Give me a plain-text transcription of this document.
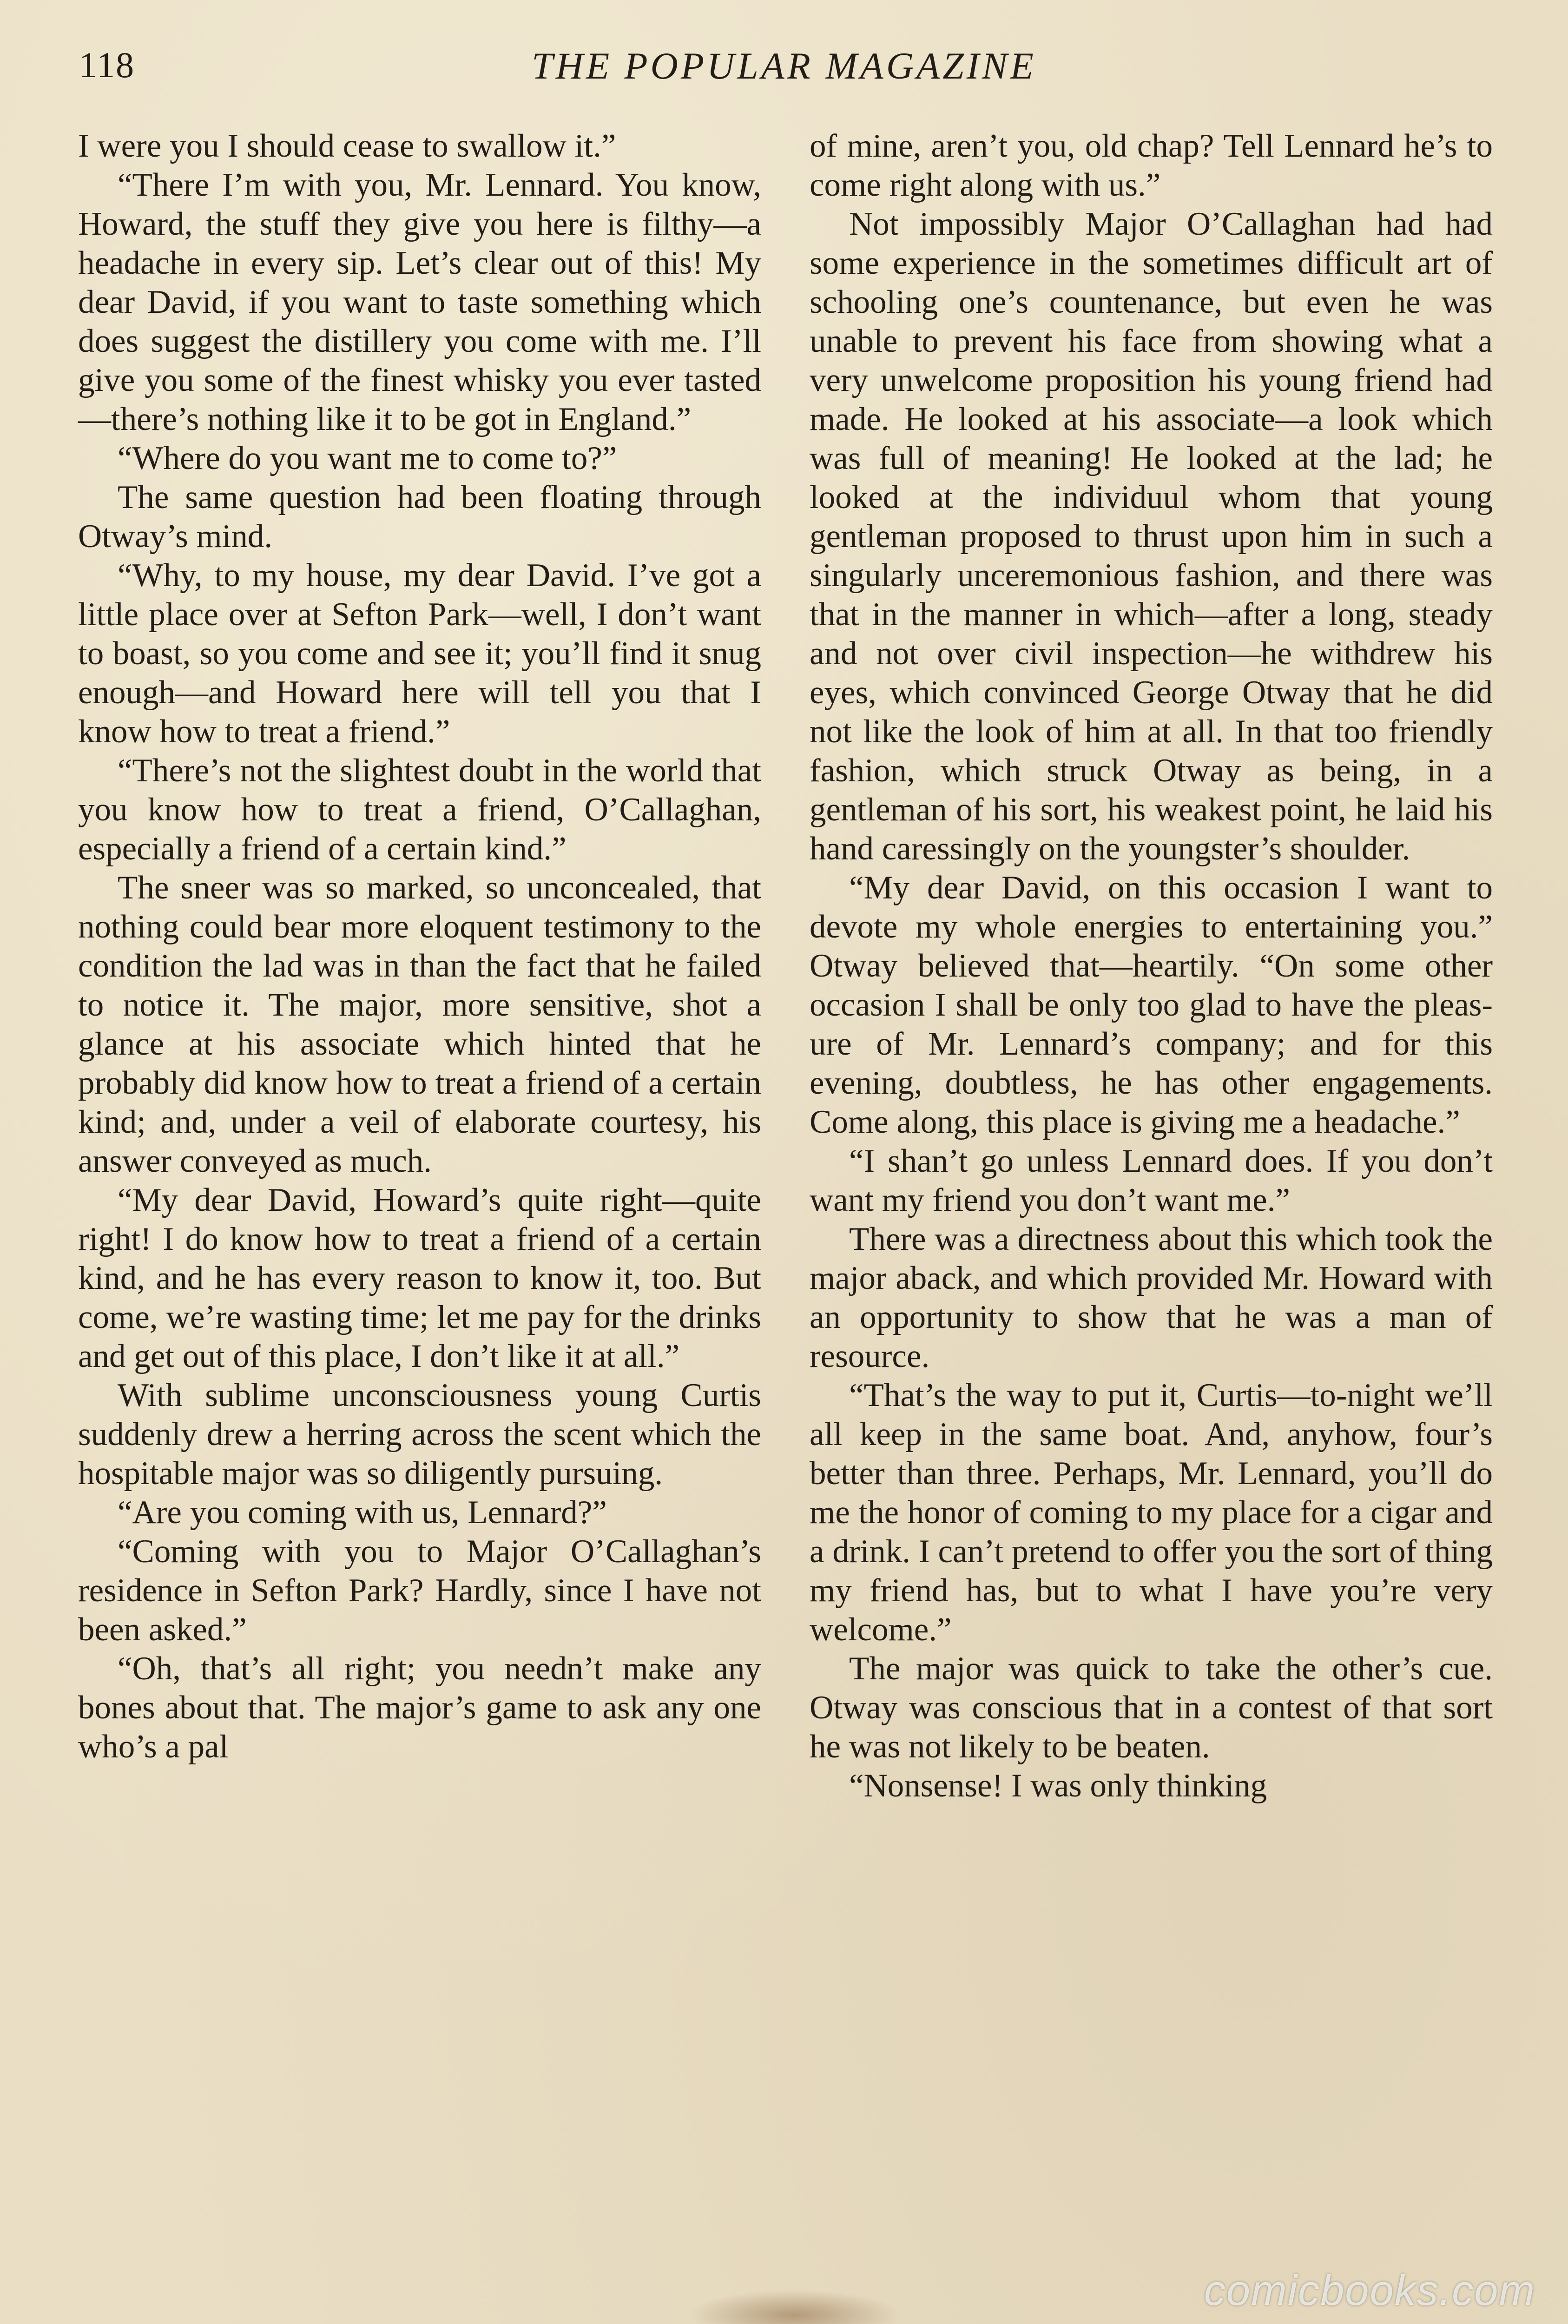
118	THE POPULAR MAGAZINE

I were you I should cease to swallow it.”

“There I’m with you, Mr. Lennard. You know, Howard, the stuff they give you here is filthy—a headache in every sip. Let’s clear out of this! My dear David, if you want to taste something which does suggest the distillery you come with me. I’ll give you some of the finest whisky you ever tasted—there’s nothing like it to be got in England.”

“Where do you want me to come to?”

The same question had been floating through Otway’s mind.

“Why, to my house, my dear David. I’ve got a little place over at Sefton Park—well, I don’t want to boast, so you come and see it; you’ll find it snug enough—and Howard here will tell you that I know how to treat a friend.”

“There’s not the slightest doubt in the world that you know how to treat a friend, O’Callaghan, especially a friend of a certain kind.”

The sneer was so marked, so unconcealed, that nothing could bear more eloquent testimony to the condition the lad was in than the fact that he failed to notice it. The major, more sensitive, shot a glance at his associate which hinted that he probably did know how to treat a friend of a certain kind; and, under a veil of elaborate courtesy, his answer conveyed as much.

“My dear David, Howard’s quite right—quite right! I do know how to treat a friend of a certain kind, and he has every reason to know it, too. But come, we’re wasting time; let me pay for the drinks and get out of this place, I don’t like it at all.”

With sublime unconsciousness young Curtis suddenly drew a herring across the scent which the hospitable major was so diligently pursuing.

“Are you coming with us, Lennard?”

“Coming with you to Major O’Callaghan’s residence in Sefton Park? Hardly, since I have not been asked.”

“Oh, that’s all right; you needn’t make any bones about that. The major’s game to ask any one who’s a pal

of mine, aren’t you, old chap? Tell Lennard he’s to come right along with us.”

Not impossibly Major O’Callaghan had had some experience in the sometimes difficult art of schooling one’s countenance, but even he was unable to prevent his face from showing what a very unwelcome proposition his young friend had made. He looked at his associate—a look which was full of meaning! He looked at the lad; he looked at the individuul whom that young gentleman proposed to thrust upon him in such a singularly unceremonious fashion, and there was that in the manner in which—after a long, steady and not over civil inspection—he withdrew his eyes, which convinced George Otway that he did not like the look of him at all. In that too friendly fashion, which struck Otway as being, in a gentleman of his sort, his weakest point, he laid his hand caressingly on the youngster’s shoulder.

“My dear David, on this occasion I want to devote my whole energies to entertaining you.” Otway believed that—heartily. “On some other occasion I shall be only too glad to have the pleasure of Mr. Lennard’s company; and for this evening, doubtless, he has other engagements. Come along, this place is giving me a headache.”

“I shan’t go unless Lennard does. If you don’t want my friend you don’t want me.”

There was a directness about this which took the major aback, and which provided Mr. Howard with an opportunity to show that he was a man of resource.

“That’s the way to put it, Curtis—to-night we’ll all keep in the same boat. And, anyhow, four’s better than three. Perhaps, Mr. Lennard, you’ll do me the honor of coming to my place for a cigar and a drink. I can’t pretend to offer you the sort of thing my friend has, but to what I have you’re very welcome.”

The major was quick to take the other’s cue. Otway was conscious that in a contest of that sort he was not likely to be beaten.

“Nonsense! I was only thinking

comicbooks.com
